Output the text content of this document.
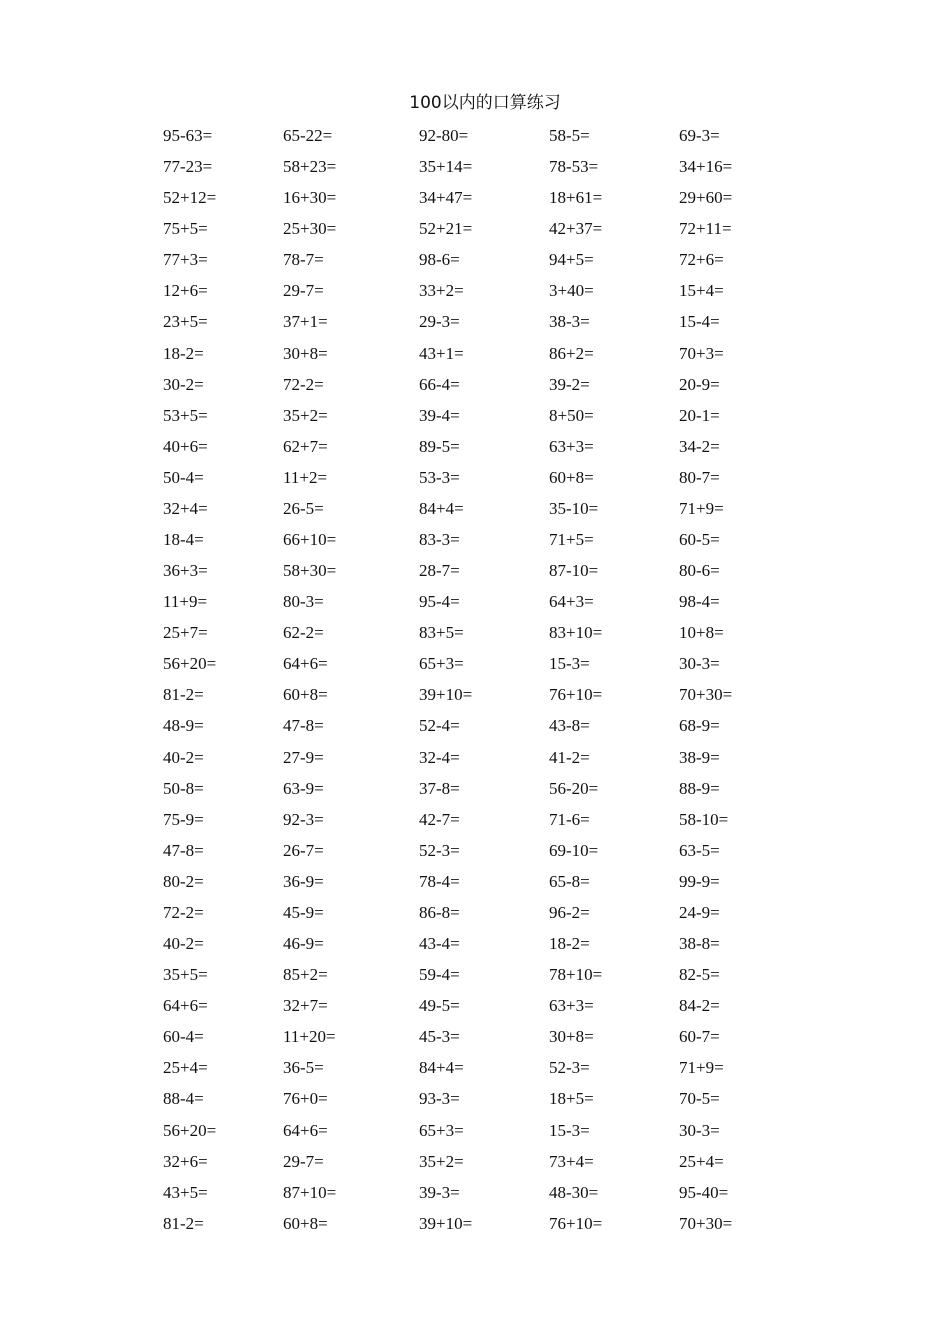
100以内的口算练习
95-63=	65-22=	92-80=	58-5=	69-3=
77-23=	58+23=	35+14=	78-53=	34+16=
52+12=	16+30=	34+47=	18+61=	29+60=
75+5=	25+30=	52+21=	42+37=	72+11=
77+3=	78-7=	98-6=	94+5=	72+6=
12+6=	29-7=	33+2=	3+40=	15+4=
23+5=	37+1=	29-3=	38-3=	15-4=
18-2=	30+8=	43+1=	86+2=	70+3=
30-2=	72-2=	66-4=	39-2=	20-9=
53+5=	35+2=	39-4=	8+50=	20-1=
40+6=	62+7=	89-5=	63+3=	34-2=
50-4=	11+2=	53-3=	60+8=	80-7=
32+4=	26-5=	84+4=	35-10=	71+9=
18-4=	66+10=	83-3=	71+5=	60-5=
36+3=	58+30=	28-7=	87-10=	80-6=
11+9=	80-3=	95-4=	64+3=	98-4=
25+7=	62-2=	83+5=	83+10=	10+8=
56+20=	64+6=	65+3=	15-3=	30-3=
81-2=	60+8=	39+10=	76+10=	70+30=
48-9=	47-8=	52-4=	43-8=	68-9=
40-2=	27-9=	32-4=	41-2=	38-9=
50-8=	63-9=	37-8=	56-20=	88-9=
75-9=	92-3=	42-7=	71-6=	58-10=
47-8=	26-7=	52-3=	69-10=	63-5=
80-2=	36-9=	78-4=	65-8=	99-9=
72-2=	45-9=	86-8=	96-2=	24-9=
40-2=	46-9=	43-4=	18-2=	38-8=
35+5=	85+2=	59-4=	78+10=	82-5=
64+6=	32+7=	49-5=	63+3=	84-2=
60-4=	11+20=	45-3=	30+8=	60-7=
25+4=	36-5=	84+4=	52-3=	71+9=
88-4=	76+0=	93-3=	18+5=	70-5=
56+20=	64+6=	65+3=	15-3=	30-3=
32+6=	29-7=	35+2=	73+4=	25+4=
43+5=	87+10=	39-3=	48-30=	95-40=
81-2=	60+8=	39+10=	76+10=	70+30=
